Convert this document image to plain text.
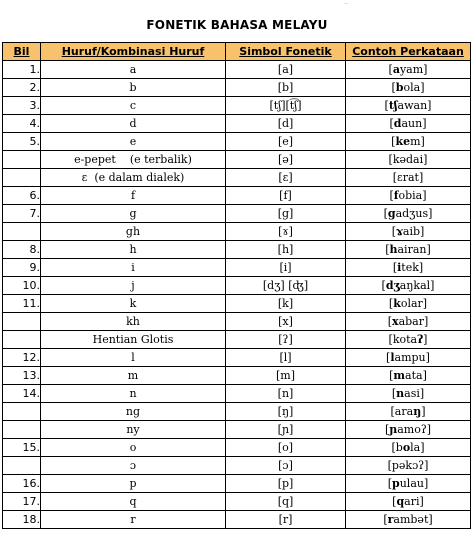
⁻
FONETIK BAHASA MELAYU
Bil	Huruf/Kombinasi Huruf	Simbol Fonetik	Contoh Perkataan
1.	a	[a]	[ayam]
2.	b	[b]	[bola]
3.	c	[tʃ][t͡ʃ]	[tʃawan]
4.	d	[d]	[daun]
5.	e	[e]	[kem]
	e-pepet    (e terbalik)	[ə]	[kədai]
	ɛ  (e dalam dialek)	[ɛ]	[ɛrat]
6.	f	[f]	[fobia]
7.	g	[g]	[gadʒus]
	gh	[ɤ]	[ɤaib]
8.	h	[h]	[hairan]
9.	i	[i]	[itek]
10.	j	[dʒ] [ʤ]	[dʒaŋkal]
11.	k	[k]	[kolar]
	kh	[x]	[xabar]
	Hentian Glotis	[ʔ]	[kotaʔ]
12.	l	[l]	[lampu]
13.	m	[m]	[mata]
14.	n	[n]	[nasi]
	ng	[ŋ]	[araŋ]
	ny	[ɲ]	[ɲamoʔ]
15.	o	[o]	[bola]
	ɔ	[ɔ]	[pəkɔʔ]
16.	p	[p]	[pulau]
17.	q	[q]	[qari]
18.	r	[r]	[rambət]
